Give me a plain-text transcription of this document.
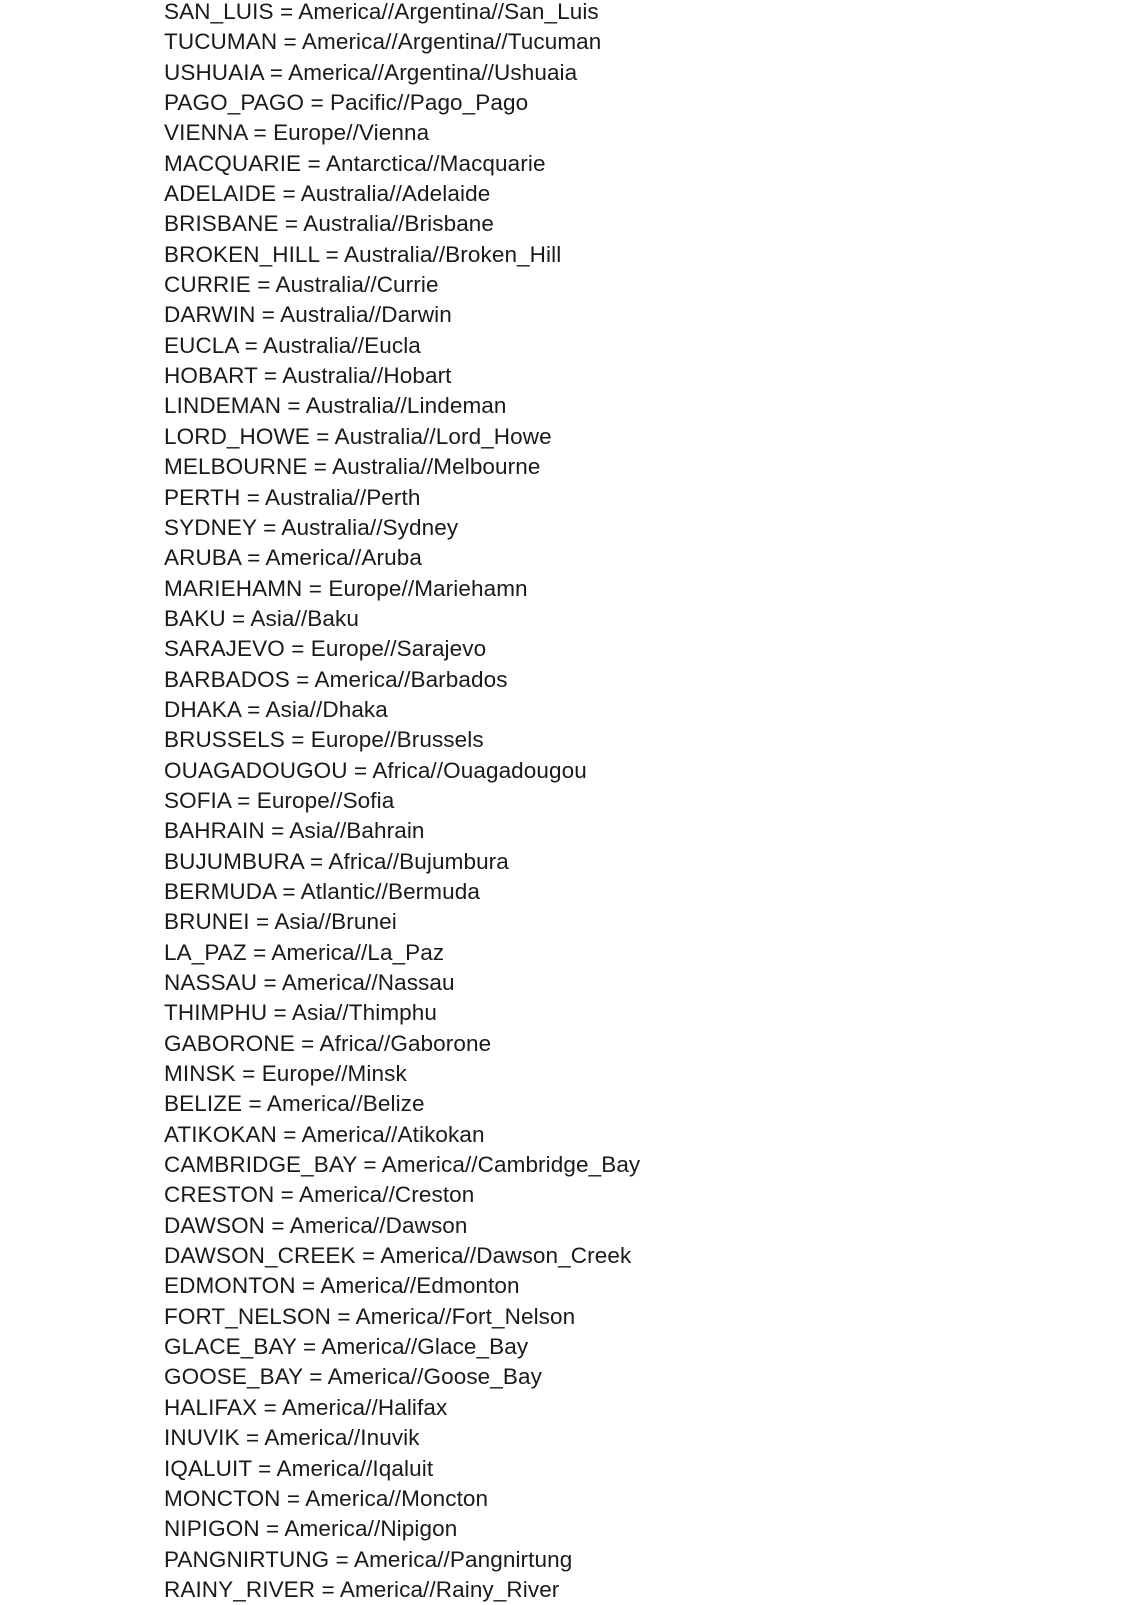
SAN_LUIS = America//Argentina//San_Luis
TUCUMAN = America//Argentina//Tucuman
USHUAIA = America//Argentina//Ushuaia
PAGO_PAGO = Pacific//Pago_Pago
VIENNA = Europe//Vienna
MACQUARIE = Antarctica//Macquarie
ADELAIDE = Australia//Adelaide
BRISBANE = Australia//Brisbane
BROKEN_HILL = Australia//Broken_Hill
CURRIE = Australia//Currie
DARWIN = Australia//Darwin
EUCLA = Australia//Eucla
HOBART = Australia//Hobart
LINDEMAN = Australia//Lindeman
LORD_HOWE = Australia//Lord_Howe
MELBOURNE = Australia//Melbourne
PERTH = Australia//Perth
SYDNEY = Australia//Sydney
ARUBA = America//Aruba
MARIEHAMN = Europe//Mariehamn
BAKU = Asia//Baku
SARAJEVO = Europe//Sarajevo
BARBADOS = America//Barbados
DHAKA = Asia//Dhaka
BRUSSELS = Europe//Brussels
OUAGADOUGOU = Africa//Ouagadougou
SOFIA = Europe//Sofia
BAHRAIN = Asia//Bahrain
BUJUMBURA = Africa//Bujumbura
BERMUDA = Atlantic//Bermuda
BRUNEI = Asia//Brunei
LA_PAZ = America//La_Paz
NASSAU = America//Nassau
THIMPHU = Asia//Thimphu
GABORONE = Africa//Gaborone
MINSK = Europe//Minsk
BELIZE = America//Belize
ATIKOKAN = America//Atikokan
CAMBRIDGE_BAY = America//Cambridge_Bay
CRESTON = America//Creston
DAWSON = America//Dawson
DAWSON_CREEK = America//Dawson_Creek
EDMONTON = America//Edmonton
FORT_NELSON = America//Fort_Nelson
GLACE_BAY = America//Glace_Bay
GOOSE_BAY = America//Goose_Bay
HALIFAX = America//Halifax
INUVIK = America//Inuvik
IQALUIT = America//Iqaluit
MONCTON = America//Moncton
NIPIGON = America//Nipigon
PANGNIRTUNG = America//Pangnirtung
RAINY_RIVER = America//Rainy_River
